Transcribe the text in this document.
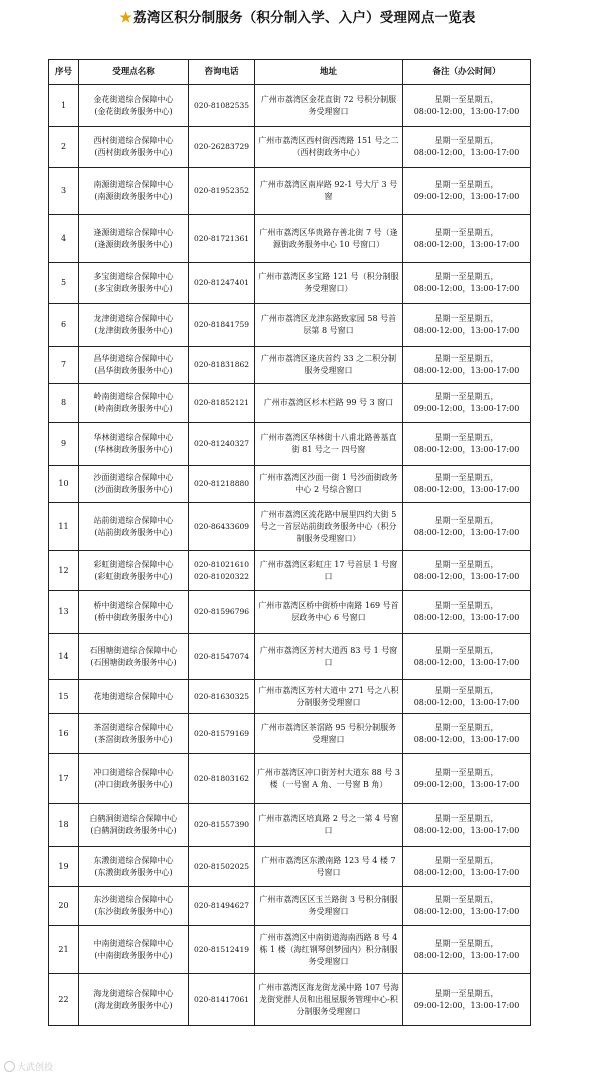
★荔湾区积分制服务（积分制入学、入户）受理网点一览表
序号	受理点名称	咨询电话	地址	备注（办公时间）
1	金花街道综合保障中心
(金花街政务服务中心)	020-81082535	广州市荔湾区金花直街 72 号积分制服务受理窗口	星期一至星期五，
08:00-12:00，13:00-17:00
2	西村街道综合保障中心
(西村街政务服务中心)	020-26283729	广州市荔湾区西村街西湾路 151 号之二（西村街政务中心）	星期一至星期五，
08:00-12:00，13:00-17:00
3	南源街道综合保障中心
(南源街政务服务中心)	020-81952352	广州市荔湾区南岸路 92-1 号大厅 3 号窗	星期一至星期五，
09:00-12:00，13:00-17:00
4	逢源街道综合保障中心
(逢源街政务服务中心)	020-81721361	广州市荔湾区华贵路存善北街 7 号（逢源街政务服务中心 10 号窗口）	星期一至星期五，
08:00-12:00，13:00-17:00
5	多宝街道综合保障中心
(多宝街政务服务中心)	020-81247401	广州市荔湾区多宝路 121 号（积分制服务受理窗口）	星期一至星期五，
08:00-12:00，13:00-17:00
6	龙津街道综合保障中心
(龙津街政务服务中心)	020-81841759	广州市荔湾区龙津东路致家园 58 号首层第 8 号窗口	星期一至星期五，
08:00-12:00，13:00-17:00
7	昌华街道综合保障中心
(昌华街政务服务中心)	020-81831862	广州市荔湾区逢庆首约 33 之二积分制服务受理窗口	星期一至星期五，
08:00-12:00，13:00-17:00
8	岭南街道综合保障中心
(岭南街政务服务中心)	020-81852121	广州市荔湾区杉木栏路 99 号 3 窗口	星期一至星期五，
09:00-12:00，13:00-17:00
9	华林街道综合保障中心
(华林街政务服务中心)	020-81240327	广州市荔湾区华林街十八甫北路善基直街 81 号之一 四号窗	星期一至星期五，
08:00-12:00，13:00-17:00
10	沙面街道综合保障中心
(沙面街政务服务中心)	020-81218880	广州市荔湾区沙面一街 1 号沙面街政务中心 2 号综合窗口	星期一至星期五，
08:00-12:00，13:00-17:00
11	站前街道综合保障中心
(站前街政务服务中心)	020-86433609	广州市荔湾区流花路中展里四约大街 5 号之一首层站前街政务服务中心（积分制服务受理窗口）	星期一至星期五，
08:00-12:00，13:00-17:00
12	彩虹街道综合保障中心
(彩虹街政务服务中心)	020-81021610
020-81020322	广州市荔湾区彩虹庄 17 号首层 1 号窗口	星期一至星期五，
08:00-12:00，13:00-17:00
13	桥中街道综合保障中心
(桥中街政务服务中心)	020-81596796	广州市荔湾区桥中街桥中南路 169 号首层政务中心 6 号窗口	星期一至星期五，
08:00-12:00，13:00-17:00
14	石围塘街道综合保障中心
(石围塘街政务服务中心)	020-81547074	广州市荔湾区芳村大道西 83 号 1 号窗口	星期一至星期五，
08:00-12:00，13:00-17:00
15	花地街道综合保障中心	020-81630325	广州市荔湾区芳村大道中 271 号之八积分制服务受理窗口	星期一至星期五，
08:00-12:00，13:00-17:00
16	茶滘街道综合保障中心
(茶滘街政务服务中心)	020-81579169	广州市荔湾区茶滘路 95 号积分制服务受理窗口	星期一至星期五，
08:00-12:00，13:00-17:00
17	冲口街道综合保障中心
(冲口街政务服务中心)	020-81803162	广州市荔湾区冲口街芳村大道东 88 号 3 楼（一号窗 A 角、一号窗 B 角）	星期一至星期五，
09:00-12:00，13:00-17:00
18	白鹤洞街道综合保障中心
(白鹤洞街政务服务中心)	020-81557390	广州市荔湾区培真路 2 号之一第 4 号窗口	星期一至星期五，
08:00-12:00，13:00-17:00
19	东漖街道综合保障中心
(东漖街政务服务中心)	020-81502025	广州市荔湾区东漖南路 123 号 4 楼 7 号窗口	星期一至星期五，
08:00-12:00，13:00-17:00
20	东沙街道综合保障中心
(东沙街政务服务中心)	020-81494627	广州市荔湾区区玉兰路街 3 号积分制服务受理窗口	星期一至星期五，
08:00-12:00，13:00-17:00
21	中南街道综合保障中心
(中南街政务服务中心)	020-81512419	广州市荔湾区中南街道海南西路 8 号 4 栋 1 楼（海红钢琴创梦园内）积分制服务受理窗口	星期一至星期五，
08:00-12:00，13:00-17:00
22	海龙街道综合保障中心
(海龙街政务服务中心)	020-81417061	广州市荔湾区海龙街龙溪中路 107 号海龙街党群人员和出租屋服务管理中心-积分制服务受理窗口	星期一至星期五，
09:00-12:00，13:00-17:00
大武创投
